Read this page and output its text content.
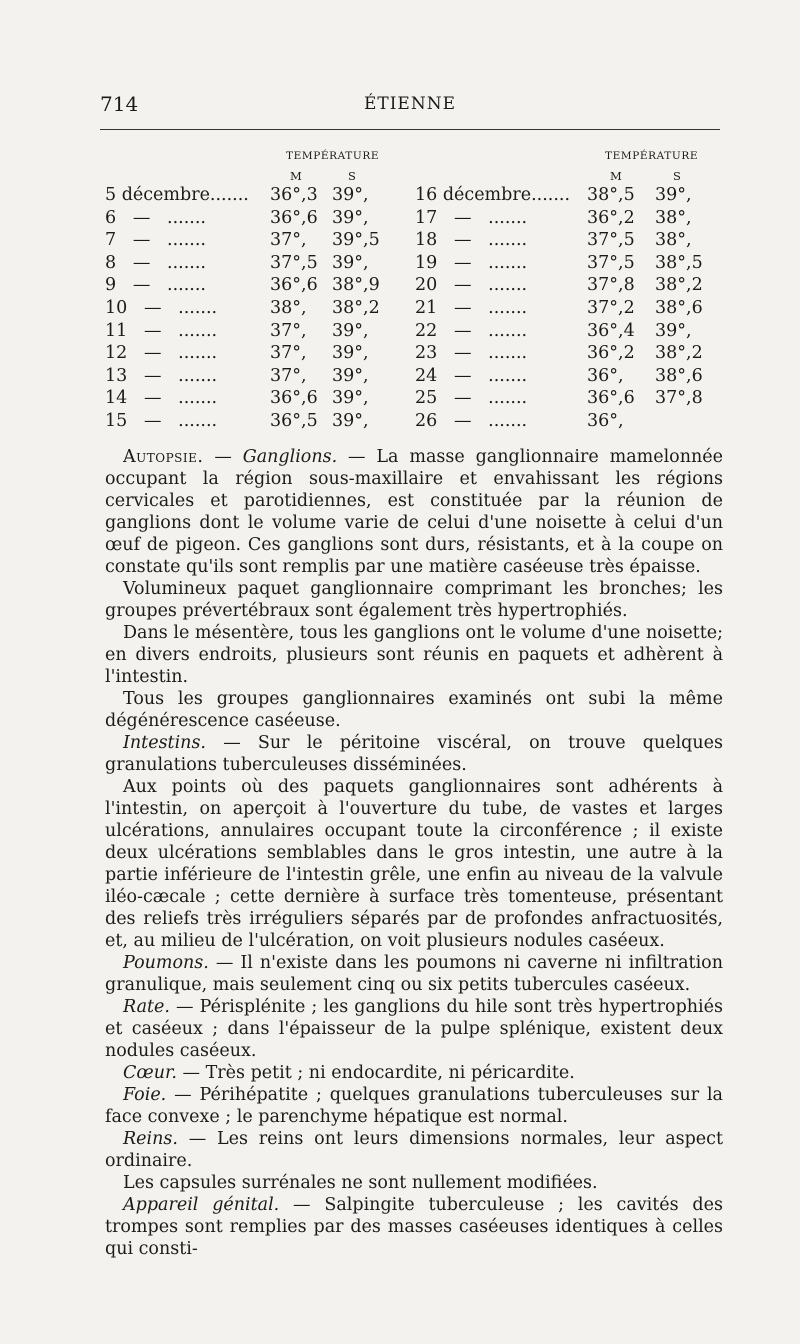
714	ÉTIENNE
TEMPÉRATURE	TEMPÉRATURE
M	S	M	S
5 décembre....... 36°,3 39°,	16 décembre....... 38°,5 39°,
6   —   .......	36°,6 39°,	17   —   .......	36°,2 38°,
7   —   .......	37°, 39°,5 18   —   .......	37°,5 38°,
8   —   .......	37°,5 39°,	19   —   .......	37°,5 38°,5
9   —   .......	36°,6 38°,9 20   —   .......	37°,8 38°,2
10   —   .......	38°, 38°,2 21   —   .......	37°,2 38°,6
11   —   .......	37°, 39°,	22   —   .......	36°,4 39°,
12   —   .......	37°, 39°,	23   —   .......	36°,2 38°,2
13   —   .......	37°, 39°,	24   —   .......	36°, 38°,6
14   —   .......	36°,6 39°,	25   —   .......	36°,6 37°,8
15   —   .......	36°,5 39°,	26   —   .......	36°,

Autopsie. — Ganglions. — La masse ganglionnaire mamelonnée occupant la région sous-maxillaire et envahissant les régions cervicales et parotidiennes, est constituée par la réunion de ganglions dont le volume varie de celui d'une noisette à celui d'un œuf de pigeon. Ces ganglions sont durs, résistants, et à la coupe on constate qu'ils sont remplis par une matière caséeuse très épaisse.

Volumineux paquet ganglionnaire comprimant les bronches; les groupes prévertébraux sont également très hypertrophiés.

Dans le mésentère, tous les ganglions ont le volume d'une noisette; en divers endroits, plusieurs sont réunis en paquets et adhèrent à l'intestin.

Tous les groupes ganglionnaires examinés ont subi la même dégénérescence caséeuse.

Intestins. — Sur le péritoine viscéral, on trouve quelques granulations tuberculeuses disséminées.

Aux points où des paquets ganglionnaires sont adhérents à l'intestin, on aperçoit à l'ouverture du tube, de vastes et larges ulcérations, annulaires occupant toute la circonférence ; il existe deux ulcérations semblables dans le gros intestin, une autre à la partie inférieure de l'intestin grêle, une enfin au niveau de la valvule iléo-cæcale ; cette dernière à surface très tomenteuse, présentant des reliefs très irréguliers séparés par de profondes anfractuosités, et, au milieu de l'ulcération, on voit plusieurs nodules caséeux.

Poumons. — Il n'existe dans les poumons ni caverne ni infiltration granulique, mais seulement cinq ou six petits tubercules caséeux.

Rate. — Périsplénite ; les ganglions du hile sont très hypertrophiés et caséeux ; dans l'épaisseur de la pulpe splénique, existent deux nodules caséeux.

Cœur. — Très petit ; ni endocardite, ni péricardite.

Foie. — Périhépatite ; quelques granulations tuberculeuses sur la face convexe ; le parenchyme hépatique est normal.

Reins. — Les reins ont leurs dimensions normales, leur aspect ordinaire.

Les capsules surrénales ne sont nullement modifiées.

Appareil génital. — Salpingite tuberculeuse ; les cavités des trompes sont remplies par des masses caséeuses identiques à celles qui consti-
